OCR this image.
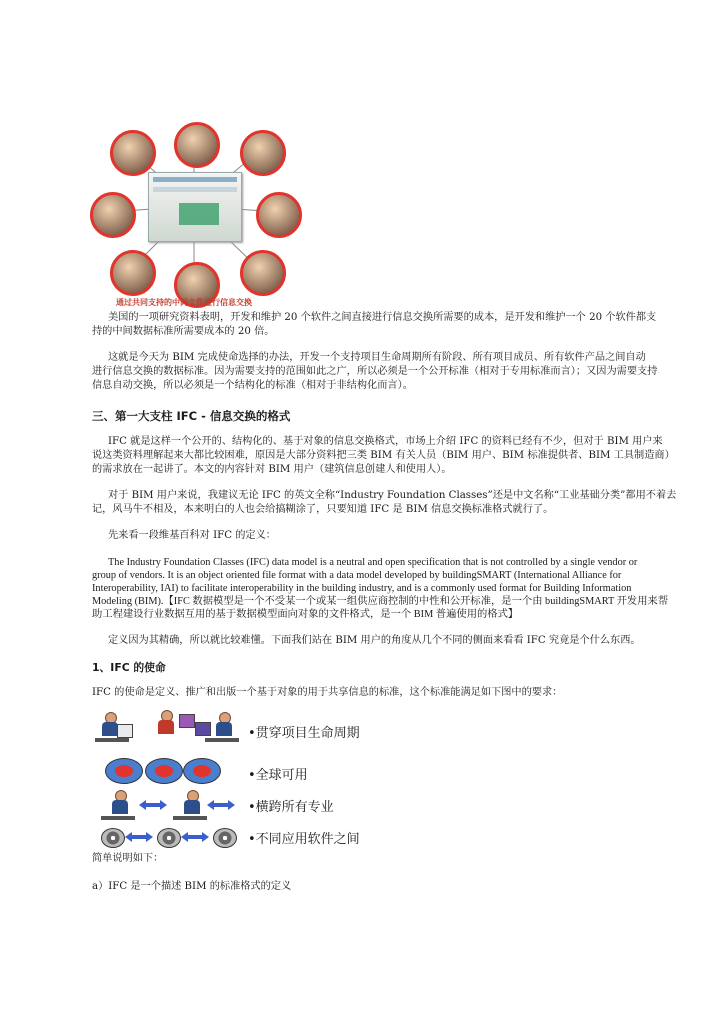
通过共同支持的中间文件进行信息交换
美国的一项研究资料表明，开发和维护 20 个软件之间直接进行信息交换所需要的成本，是开发和维护一个 20 个软件都支
持的中间数据标准所需要成本的 20 倍。
这就是今天为 BIM 完成使命选择的办法，开发一个支持项目生命周期所有阶段、所有项目成员、所有软件产品之间自动
进行信息交换的数据标准。因为需要支持的范围如此之广，所以必须是一个公开标准（相对于专用标准而言）；又因为需要支持
信息自动交换，所以必须是一个结构化的标准（相对于非结构化而言）。
三、第一大支柱 IFC - 信息交换的格式
IFC 就是这样一个公开的、结构化的、基于对象的信息交换格式，市场上介绍 IFC 的资料已经有不少，但对于 BIM 用户来
说这类资料理解起来大都比较困难，原因是大部分资料把三类 BIM 有关人员（BIM 用户、BIM 标准提供者、BIM 工具制造商）
的需求放在一起讲了。本文的内容针对 BIM 用户（建筑信息创建人和使用人）。
对于 BIM 用户来说，我建议无论 IFC 的英文全称“Industry Foundation Classes”还是中文名称“工业基础分类”都用不着去
记，风马牛不相及，本来明白的人也会给搞糊涂了，只要知道 IFC 是 BIM 信息交换标准格式就行了。
先来看一段维基百科对 IFC 的定义：
The Industry Foundation Classes (IFC) data model is a neutral and open specification that is not controlled by a single vendor or
group of vendors. It is an object oriented file format with a data model developed by buildingSMART (International Alliance for
Interoperability, IAI) to facilitate interoperability in the building industry, and is a commonly used format for Building Information
Modeling (BIM).【IFC 数据模型是一个不受某一个或某一组供应商控制的中性和公开标准，是一个由 buildingSMART 开发用来帮
助工程建设行业数据互用的基于数据模型面向对象的文件格式，是一个 BIM 普遍使用的格式】
定义因为其精确，所以就比较难懂。下面我们站在 BIM 用户的角度从几个不同的侧面来看看 IFC 究竟是个什么东西。
1、IFC 的使命
IFC 的使命是定义、推广和出版一个基于对象的用于共享信息的标准，这个标准能满足如下图中的要求：
•贯穿项目生命周期
•全球可用
•横跨所有专业
•不同应用软件之间
简单说明如下：
a）IFC 是一个描述 BIM 的标准格式的定义
